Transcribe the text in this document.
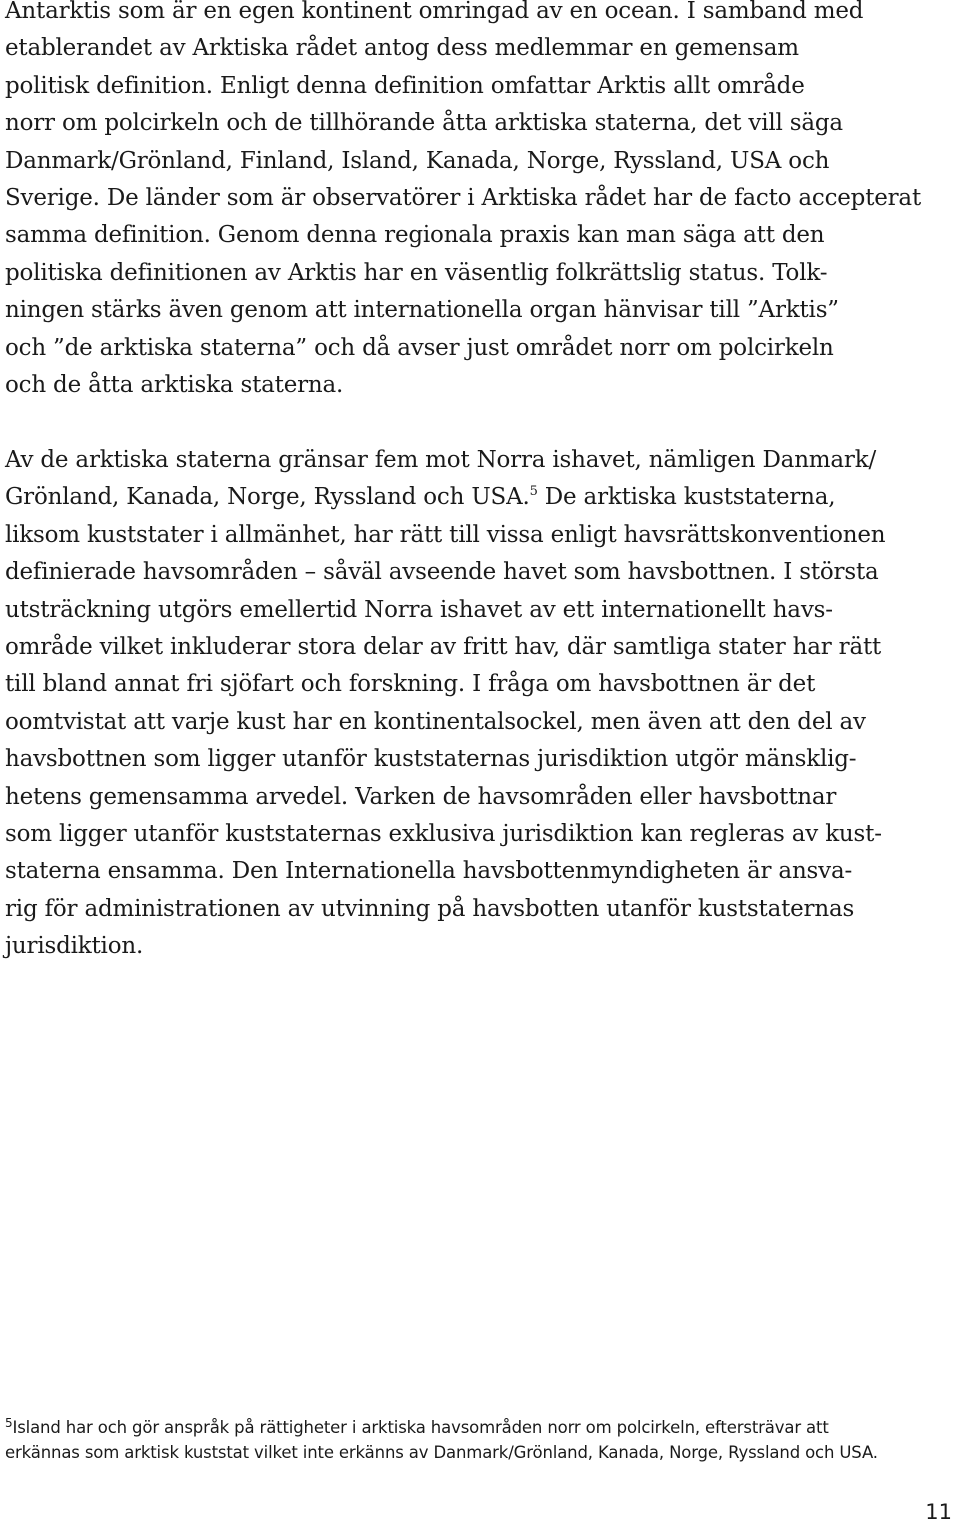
Antarktis som är en egen kontinent omringad av en ocean. I samband med
etablerandet av Arktiska rådet antog dess medlemmar en gemensam
politisk definition. Enligt denna definition omfattar Arktis allt område
norr om polcirkeln och de tillhörande åtta arktiska staterna, det vill säga
Danmark/Grönland, Finland, Island, Kanada, Norge, Ryssland, USA och
Sverige. De länder som är observatörer i Arktiska rådet har de facto accepterat
samma definition. Genom denna regionala praxis kan man säga att den
politiska definitionen av Arktis har en väsentlig folkrättslig status. Tolk-
ningen stärks även genom att internationella organ hänvisar till ”Arktis”
och ”de arktiska staterna” och då avser just området norr om polcirkeln
och de åtta arktiska staterna.
Av de arktiska staterna gränsar fem mot Norra ishavet, nämligen Danmark/
Grönland, Kanada, Norge, Ryssland och USA.$^5$ De arktiska kuststaterna,
liksom kuststater i allmänhet, har rätt till vissa enligt havsrättskonventionen
definierade havsområden – såväl avseende havet som havsbottnen. I största
utsträckning utgörs emellertid Norra ishavet av ett internationellt havs-
område vilket inkluderar stora delar av fritt hav, där samtliga stater har rätt
till bland annat fri sjöfart och forskning. I fråga om havsbottnen är det
oomtvistat att varje kust har en kontinentalsockel, men även att den del av
havsbottnen som ligger utanför kuststaternas jurisdiktion utgör mänsklig-
hetens gemensamma arvedel. Varken de havsområden eller havsbottnar
som ligger utanför kuststaternas exklusiva jurisdiktion kan regleras av kust-
staterna ensamma. Den Internationella havsbottenmyndigheten är ansva-
rig för administrationen av utvinning på havsbotten utanför kuststaternas
jurisdiktion.
$^5$Island har och gör anspråk på rättigheter i arktiska havsområden norr om polcirkeln, eftersträvar att
erkännas som arktisk kuststat vilket inte erkänns av Danmark/Grönland, Kanada, Norge, Ryssland och USA.
11
